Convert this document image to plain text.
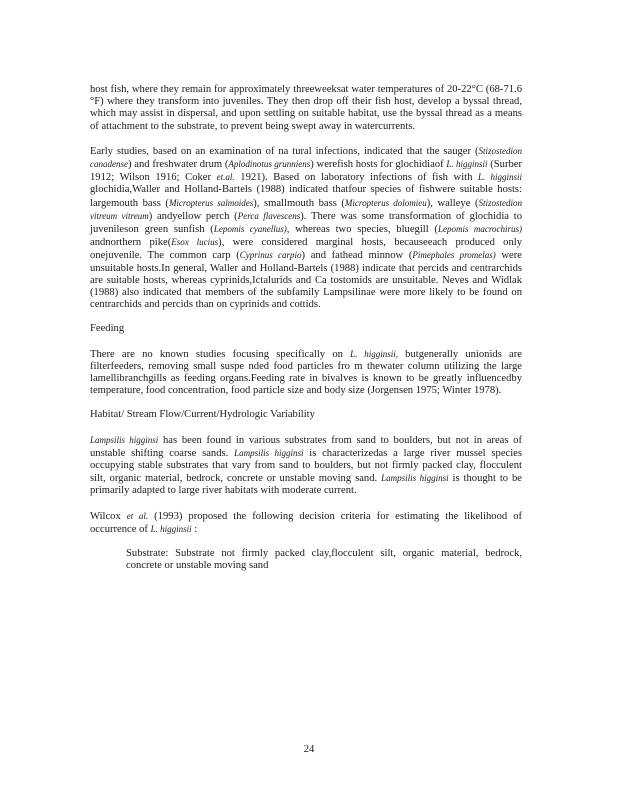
host fish, where they remain for approximately threeweeksat water temperatures of 20-22°C (68-71.6 °F) where they transform into juveniles. They then drop off their fish host, develop a byssal thread, which may assist in dispersal, and upon settling on suitable habitat, use the byssal thread as a means of attachment to the substrate, to prevent being swept away in watercurrents.

Early studies, based on an examination of na tural infections, indicated that the sauger (Stizostedion canadense) and freshwater drum (Aplodinotus grunniens) werefish hosts for glochidiaof L. higginsii (Surber 1912; Wilson 1916; Coker et.al. 1921). Based on laboratory infections of fish with L. higginsii glochidia,Waller and Holland-Bartels (1988) indicated thatfour species of fishwere suitable hosts: largemouth bass (Micropterus salmoides), smallmouth bass (Micropterus dolomieu), walleye (Stizostedion vitreum vitreum) andyellow perch (Perca flavescens). There was some transformation of glochidia to juvenileson green sunfish (Lepomis cyanellus), whereas two species, bluegill (Lepomis macrochirus) andnorthern pike(Esox lucius), were considered marginal hosts, becauseeach produced only onejuvenile. The common carp (Cyprinus carpio) and fathead minnow (Pimephales promelas) were unsuitable hosts.In general, Waller and Holland-Bartels (1988) indicate that percids and centrarchids are suitable hosts, whereas cyprinids,Ictalurids and Ca tostomids are unsuitable. Neves and Widlak (1988) also indicated that members of the subfamily Lampsilinae were more likely to be found on centrarchids and percids than on cyprinids and cottids.

Feeding

There are no known studies focusing specifically on L. higginsii, butgenerally unionids are filterfeeders, removing small suspe nded food particles fro m thewater column utilizing the large lamellibranchgills as feeding organs.Feeding rate in bivalves is known to be greatly influencedby temperature, food concentration, food particle size and body size (Jorgensen 1975; Winter 1978).

Habitat/ Stream Flow/Current/Hydrologic Variability

Lampsilis higginsi has been found in various substrates from sand to boulders, but not in areas of unstable shifting coarse sands. Lampsilis higginsi is characterizedas a large river mussel species occupying stable substrates that vary from sand to boulders, but not firmly packed clay, flocculent silt, organic material, bedrock, concrete or unstable moving sand. Lampsilis higginsi is thought to be primarily adapted to large river habitats with moderate current.

Wilcox et al. (1993) proposed the following decision criteria for estimating the likelihood of occurrence of L. higginsii :

Substrate: Substrate not firmly packed clay,flocculent silt, organic material, bedrock, concrete or unstable moving sand
24
